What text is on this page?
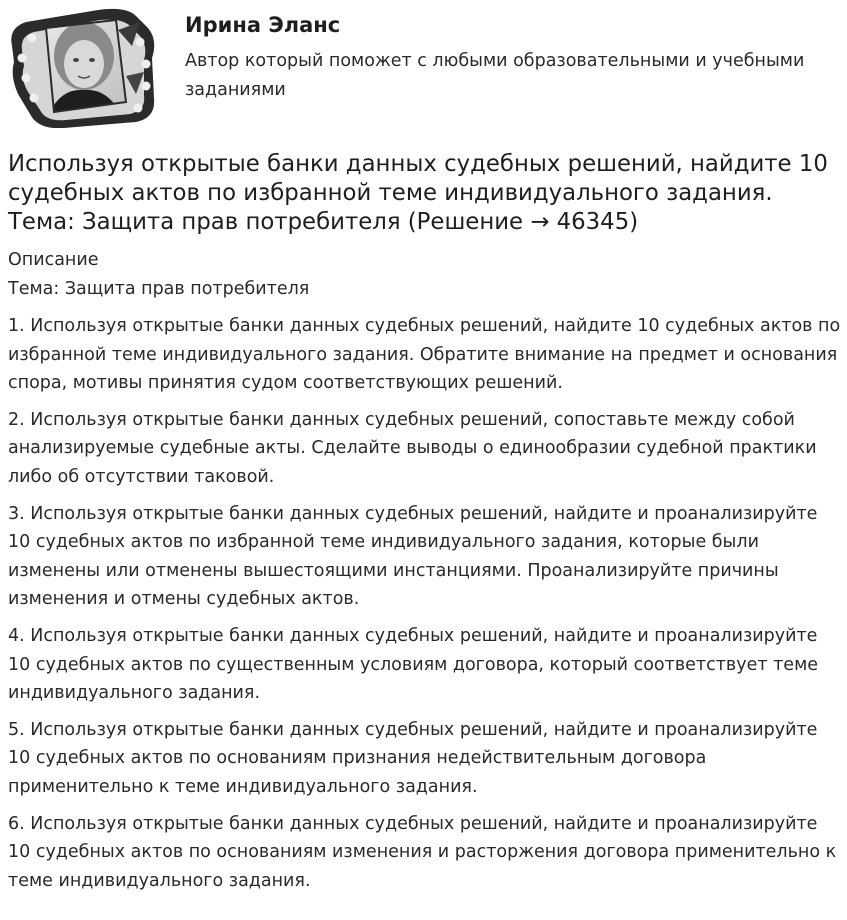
Ирина Эланс
Автор который поможет с любыми образовательными и учебными заданиями
Используя открытые банки данных судебных решений, найдите 10 судебных актов по избранной теме индивидуального задания. Тема: Защита прав потребителя (Решение → 46345)
Описание
Тема: Защита прав потребителя
1. Используя открытые банки данных судебных решений, найдите 10 судебных актов по избранной теме индивидуального задания. Обратите внимание на предмет и основания спора, мотивы принятия судом соответствующих решений.
2. Используя открытые банки данных судебных решений, сопоставьте между собой анализируемые судебные акты. Сделайте выводы о единообразии судебной практики либо об отсутствии таковой.
3. Используя открытые банки данных судебных решений, найдите и проанализируйте 10 судебных актов по избранной теме индивидуального задания, которые были изменены или отменены вышестоящими инстанциями. Проанализируйте причины изменения и отмены судебных актов.
4. Используя открытые банки данных судебных решений, найдите и проанализируйте 10 судебных актов по существенным условиям договора, который соответствует теме индивидуального задания.
5. Используя открытые банки данных судебных решений, найдите и проанализируйте 10 судебных актов по основаниям признания недействительным договора применительно к теме индивидуального задания.
6. Используя открытые банки данных судебных решений, найдите и проанализируйте 10 судебных актов по основаниям изменения и расторжения договора применительно к теме индивидуального задания.
